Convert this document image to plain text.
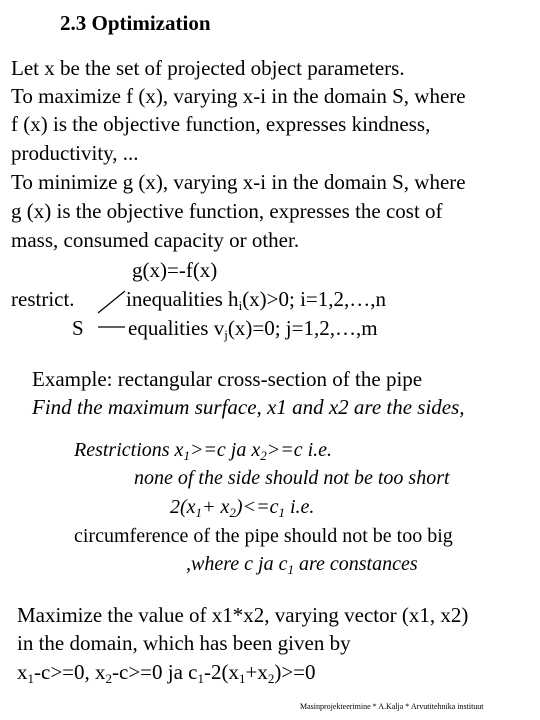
2.3 Optimization
Let x be the set of projected object parameters.
To maximize f (x), varying x-i in the domain S, where
f (x) is the objective function, expresses kindness,
productivity, ...
To minimize g (x), varying x-i in the domain S, where
g (x) is the objective function, expresses the cost of
mass, consumed capacity or other.
g(x)=-f(x)
restrict. inequalities $h_i(x)>0$; i=1,2,…,n
S equalities $v_j(x)=0$; j=1,2,…,m
Example: rectangular cross-section of the pipe
Find the maximum surface, x1 and x2 are the sides,
Restrictions $x_1>=c$ ja $x_2>=c$ i.e.
none of the side should not be too short
$2(x_1+ x_2)<=c_1$ i.e.
circumference of the pipe should not be too big
,where c ja $c_1$ are constances
Maximize the value of x1*x2, varying vector (x1, x2)
in the domain, which has been given by
$x_1-c>=0$, $x_2-c>=0$ ja $c_1-2(x_1+x_2)>=0$
Masinprojekteerimine * A.Kalja * Arvutitehnika instituut
